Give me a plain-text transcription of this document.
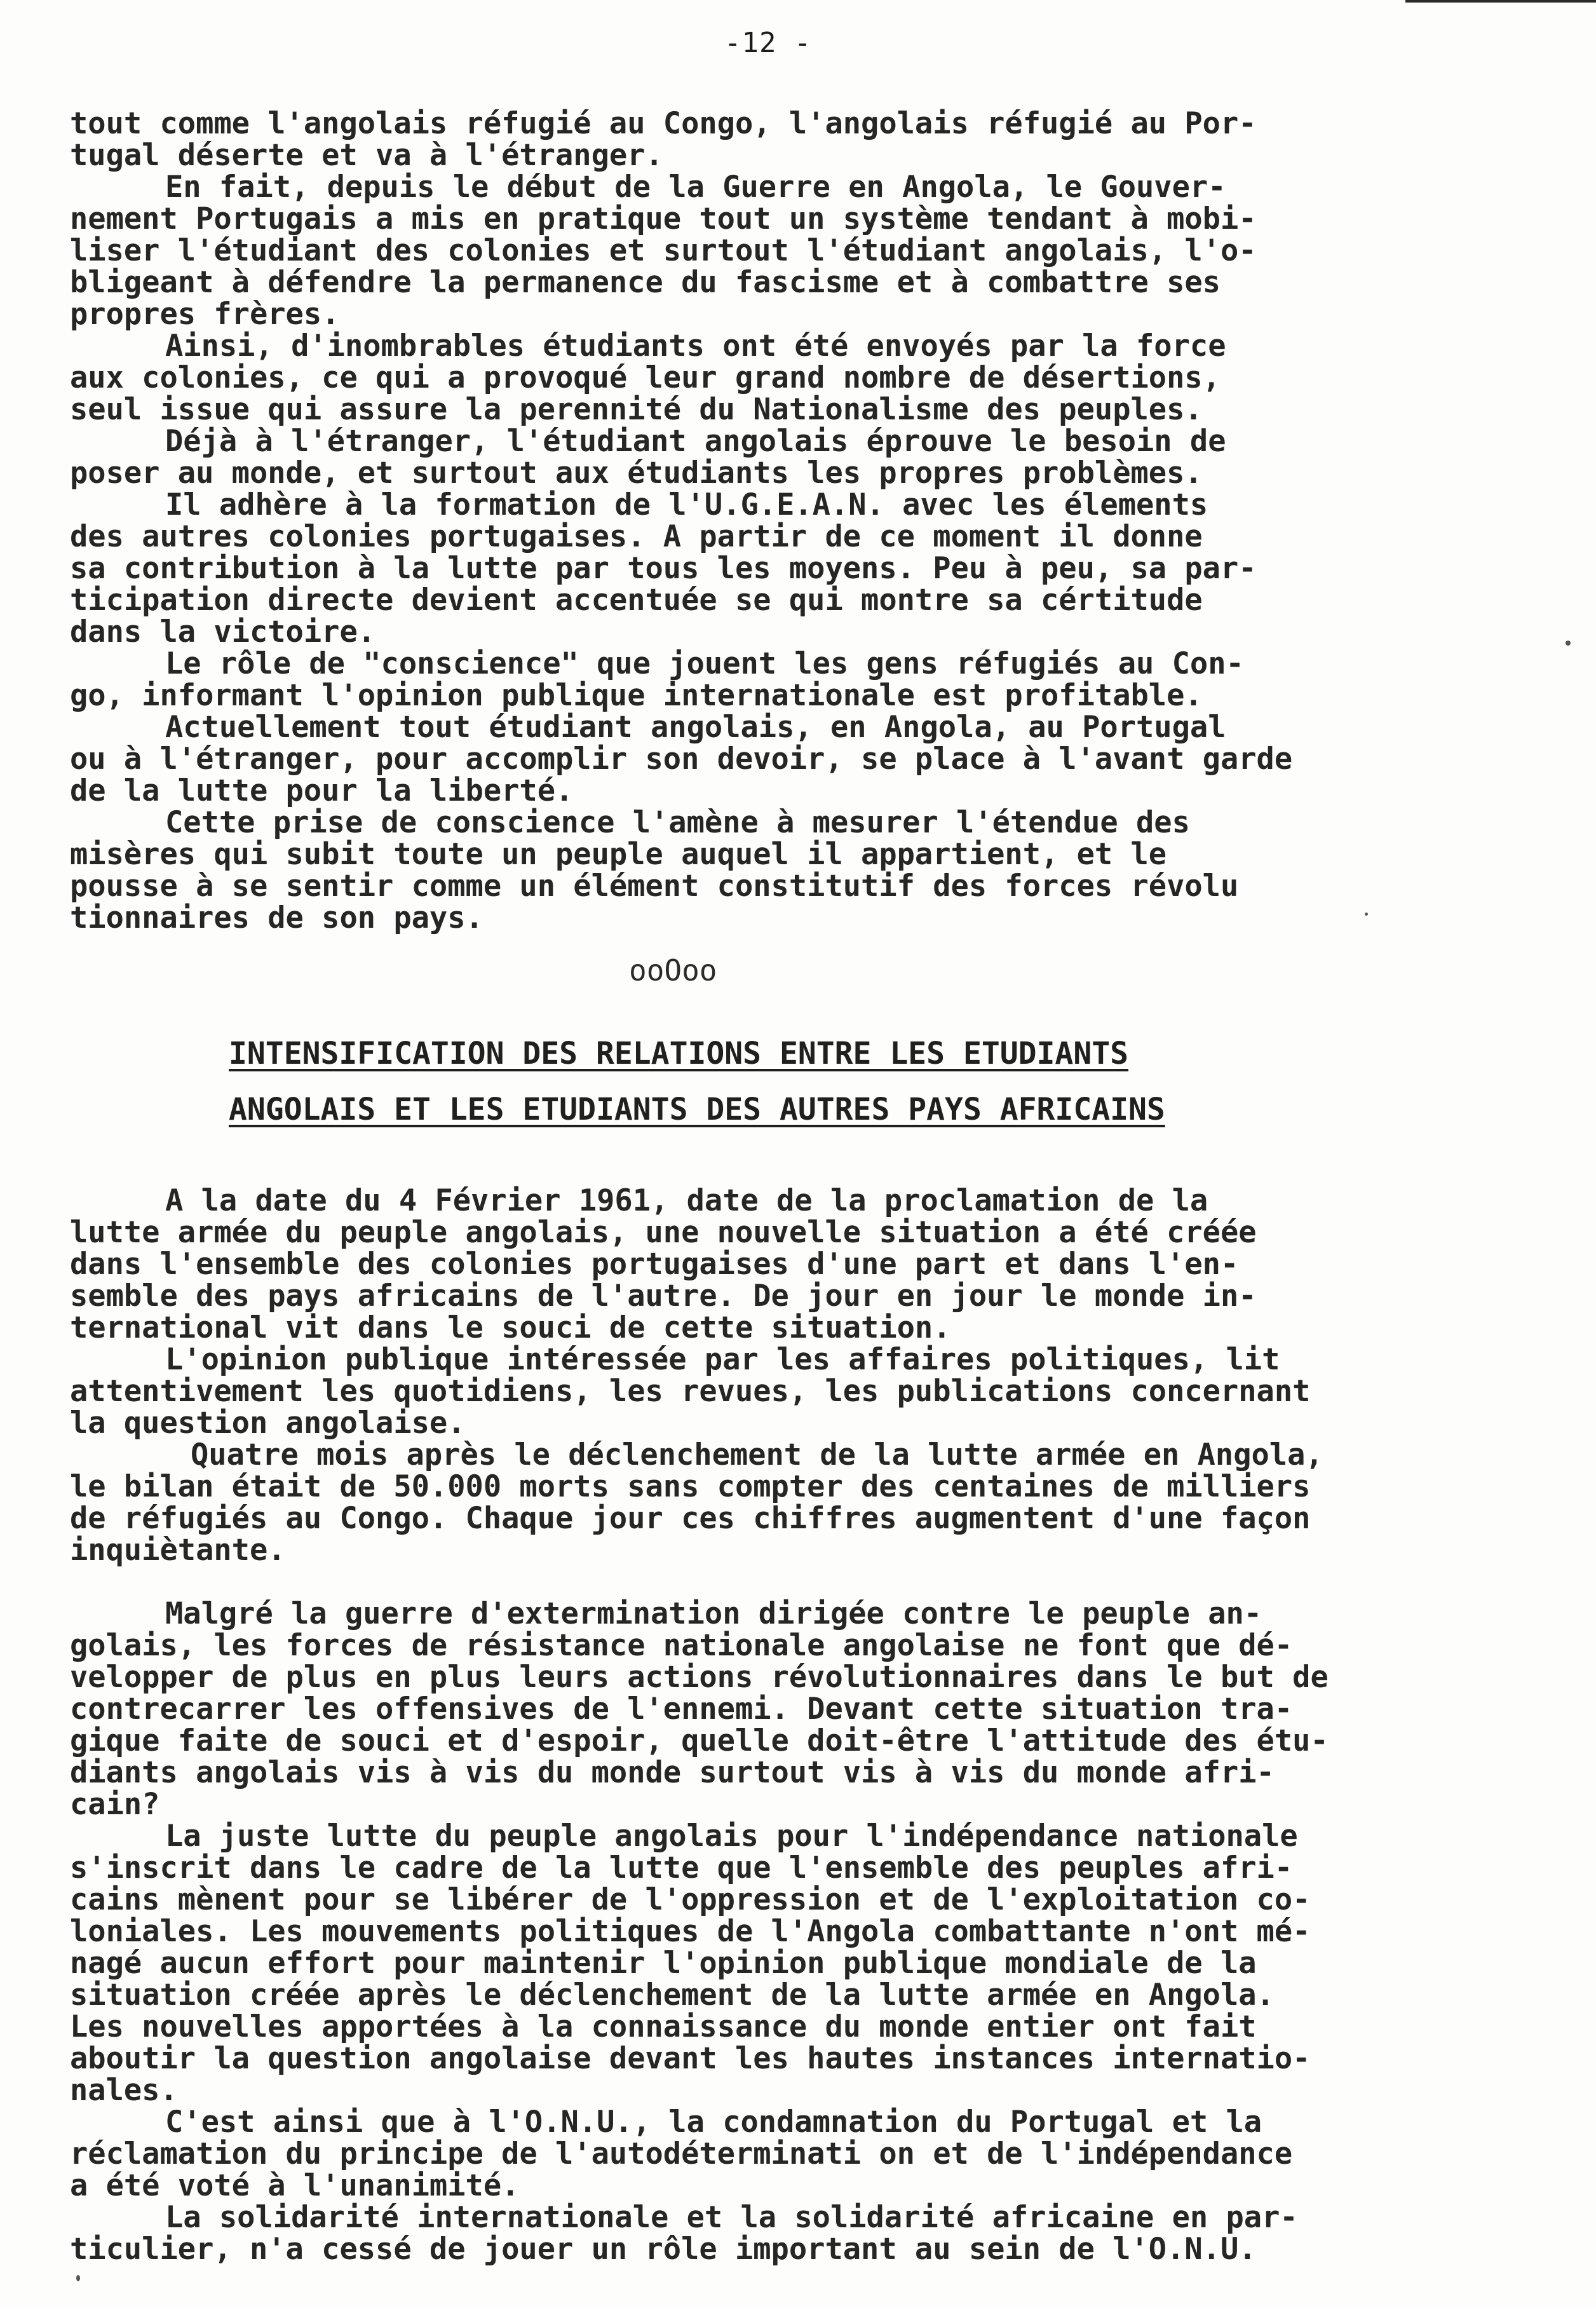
-12 -
tout comme l'angolais réfugié au Congo, l'angolais réfugié au Por-
tugal déserte et va à l'étranger.
En fait, depuis le début de la Guerre en Angola, le Gouver-
nement Portugais a mis en pratique tout un système tendant à mobi-
liser l'étudiant des colonies et surtout l'étudiant angolais, l'o-
bligeant à défendre la permanence du fascisme et à combattre ses
propres frères.
Ainsi, d'inombrables étudiants ont été envoyés par la force
aux colonies, ce qui a provoqué leur grand nombre de désertions,
seul issue qui assure la perennité du Nationalisme des peuples.
Déjà à l'étranger, l'étudiant angolais éprouve le besoin de
poser au monde, et surtout aux étudiants les propres problèmes.
Il adhère à la formation de l'U.G.E.A.N. avec les élements
des autres colonies portugaises. A partir de ce moment il donne
sa contribution à la lutte par tous les moyens. Peu à peu, sa par-
ticipation directe devient accentuée se qui montre sa cértitude
dans la victoire.
Le rôle de "conscience" que jouent les gens réfugiés au Con-
go, informant l'opinion publique internationale est profitable.
Actuellement tout étudiant angolais, en Angola, au Portugal
ou à l'étranger, pour accomplir son devoir, se place à l'avant garde
de la lutte pour la liberté.
Cette prise de conscience l'amène à mesurer l'étendue des
misères qui subit toute un peuple auquel il appartient, et le
pousse à se sentir comme un élément constitutif des forces révolu
tionnaires de son pays.
ooOoo
INTENSIFICATION DES RELATIONS ENTRE LES ETUDIANTS
ANGOLAIS ET LES ETUDIANTS DES AUTRES PAYS AFRICAINS
A la date du 4 Février 1961, date de la proclamation de la
lutte armée du peuple angolais, une nouvelle situation a été créée
dans l'ensemble des colonies portugaises d'une part et dans l'en-
semble des pays africains de l'autre. De jour en jour le monde in-
ternational vit dans le souci de cette situation.
L'opinion publique intéressée par les affaires politiques, lit
attentivement les quotidiens, les revues, les publications concernant
la question angolaise.
Quatre mois après le déclenchement de la lutte armée en Angola,
le bilan était de 50.000 morts sans compter des centaines de milliers
de réfugiés au Congo. Chaque jour ces chiffres augmentent d'une façon
inquiètante.
Malgré la guerre d'extermination dirigée contre le peuple an-
golais, les forces de résistance nationale angolaise ne font que dé-
velopper de plus en plus leurs actions révolutionnaires dans le but de
contrecarrer les offensives de l'ennemi. Devant cette situation tra-
gique faite de souci et d'espoir, quelle doit-être l'attitude des étu-
diants angolais vis à vis du monde surtout vis à vis du monde afri-
cain?
La juste lutte du peuple angolais pour l'indépendance nationale
s'inscrit dans le cadre de la lutte que l'ensemble des peuples afri-
cains mènent pour se libérer de l'oppression et de l'exploitation co-
loniales. Les mouvements politiques de l'Angola combattante n'ont mé-
nagé aucun effort pour maintenir l'opinion publique mondiale de la
situation créée après le déclenchement de la lutte armée en Angola.
Les nouvelles apportées à la connaissance du monde entier ont fait
aboutir la question angolaise devant les hautes instances internatio-
nales.
C'est ainsi que à l'O.N.U., la condamnation du Portugal et la
réclamation du principe de l'autodéterminati on et de l'indépendance
a été voté à l'unanimité.
La solidarité internationale et la solidarité africaine en par-
ticulier, n'a cessé de jouer un rôle important au sein de l'O.N.U.
